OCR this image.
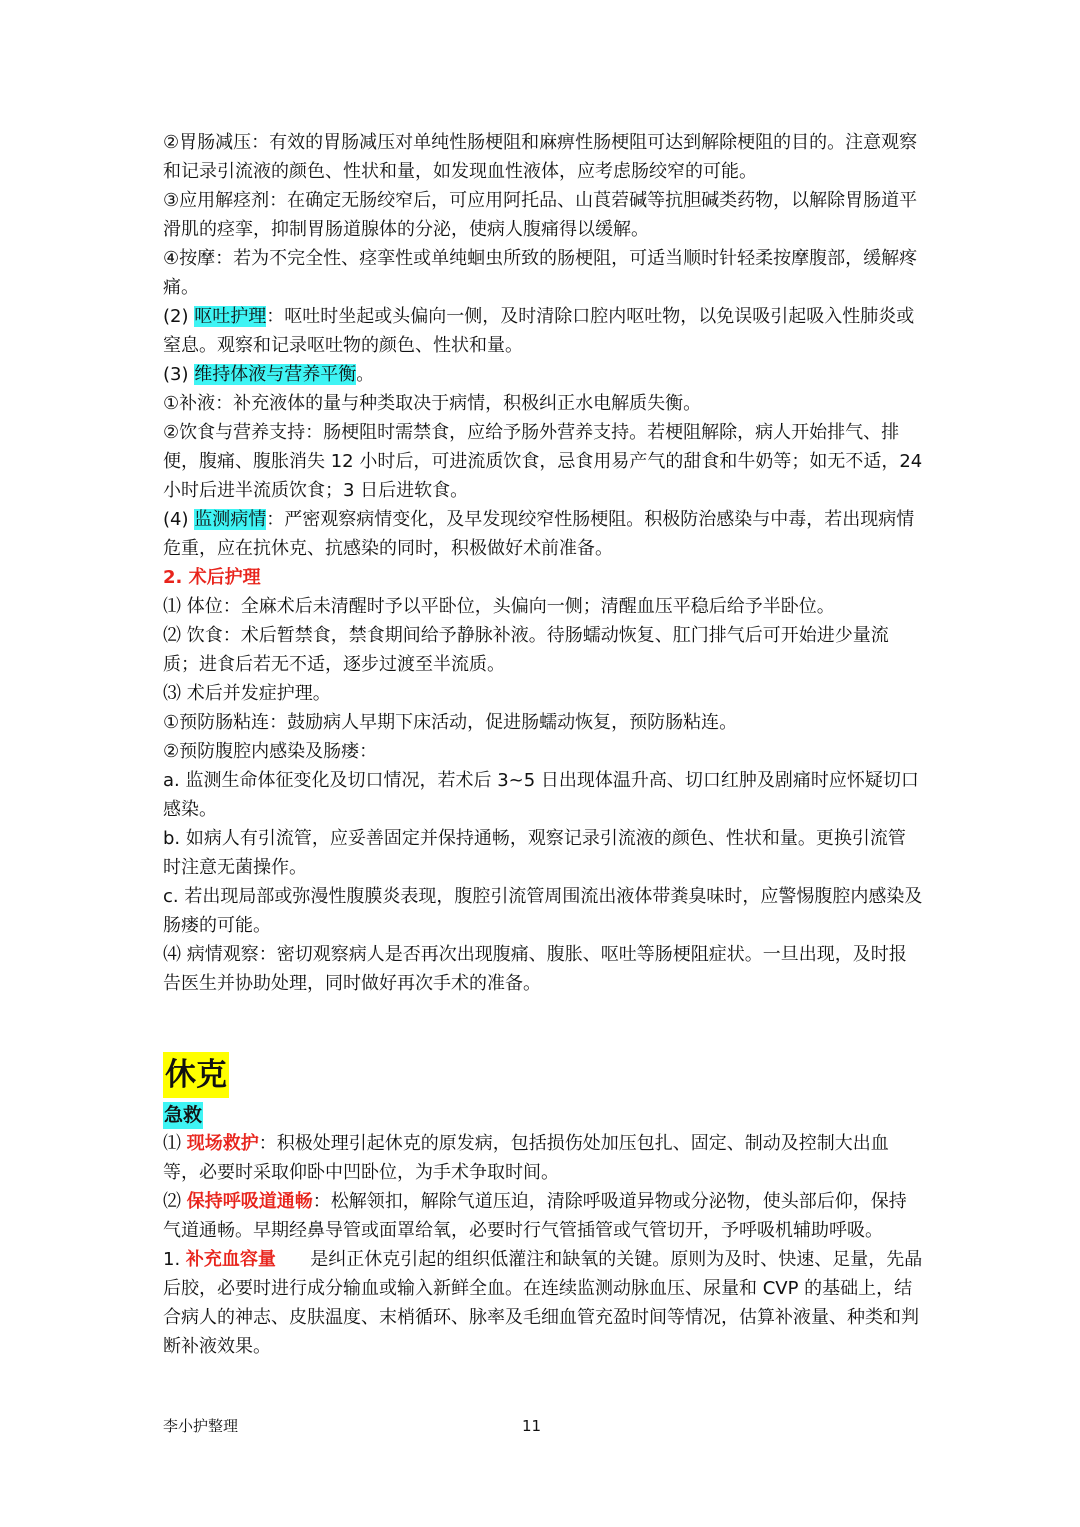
②胃肠减压：有效的胃肠减压对单纯性肠梗阻和麻痹性肠梗阻可达到解除梗阻的目的。注意观察和记录引流液的颜色、性状和量，如发现血性液体，应考虑肠绞窄的可能。

③应用解痉剂：在确定无肠绞窄后，可应用阿托品、山莨菪碱等抗胆碱类药物，以解除胃肠道平滑肌的痉挛，抑制胃肠道腺体的分泌，使病人腹痛得以缓解。

④按摩：若为不完全性、痉挛性或单纯蛔虫所致的肠梗阻，可适当顺时针轻柔按摩腹部，缓解疼痛。

(2) 呕吐护理：呕吐时坐起或头偏向一侧，及时清除口腔内呕吐物，以免误吸引起吸入性肺炎或窒息。观察和记录呕吐物的颜色、性状和量。

(3) 维持体液与营养平衡。

①补液：补充液体的量与种类取决于病情，积极纠正水电解质失衡。

②饮食与营养支持：肠梗阻时需禁食，应给予肠外营养支持。若梗阻解除，病人开始排气、排便，腹痛、腹胀消失 12 小时后，可进流质饮食，忌食用易产气的甜食和牛奶等；如无不适，24 小时后进半流质饮食；3 日后进软食。

(4) 监测病情：严密观察病情变化，及早发现绞窄性肠梗阻。积极防治感染与中毒，若出现病情危重，应在抗休克、抗感染的同时，积极做好术前准备。

2. 术后护理

⑴ 体位：全麻术后未清醒时予以平卧位，头偏向一侧；清醒血压平稳后给予半卧位。

⑵ 饮食：术后暂禁食，禁食期间给予静脉补液。待肠蠕动恢复、肛门排气后可开始进少量流质；进食后若无不适，逐步过渡至半流质。

⑶ 术后并发症护理。

①预防肠粘连：鼓励病人早期下床活动，促进肠蠕动恢复，预防肠粘连。

②预防腹腔内感染及肠瘘：

a. 监测生命体征变化及切口情况，若术后 3~5 日出现体温升高、切口红肿及剧痛时应怀疑切口感染。

b. 如病人有引流管，应妥善固定并保持通畅，观察记录引流液的颜色、性状和量。更换引流管时注意无菌操作。

c. 若出现局部或弥漫性腹膜炎表现，腹腔引流管周围流出液体带粪臭味时，应警惕腹腔内感染及肠瘘的可能。

⑷ 病情观察：密切观察病人是否再次出现腹痛、腹胀、呕吐等肠梗阻症状。一旦出现，及时报告医生并协助处理，同时做好再次手术的准备。

休克

急救

⑴ 现场救护：积极处理引起休克的原发病，包括损伤处加压包扎、固定、制动及控制大出血等，必要时采取仰卧中凹卧位，为手术争取时间。

⑵ 保持呼吸道通畅：松解领扣，解除气道压迫，清除呼吸道异物或分泌物，使头部后仰，保持气道通畅。早期经鼻导管或面罩给氧，必要时行气管插管或气管切开，予呼吸机辅助呼吸。

1. 补充血容量      是纠正休克引起的组织低灌注和缺氧的关键。原则为及时、快速、足量，先晶后胶，必要时进行成分输血或输入新鲜全血。在连续监测动脉血压、尿量和 CVP 的基础上，结合病人的神志、皮肤温度、末梢循环、脉率及毛细血管充盈时间等情况，估算补液量、种类和判断补液效果。

李小护整理	11
